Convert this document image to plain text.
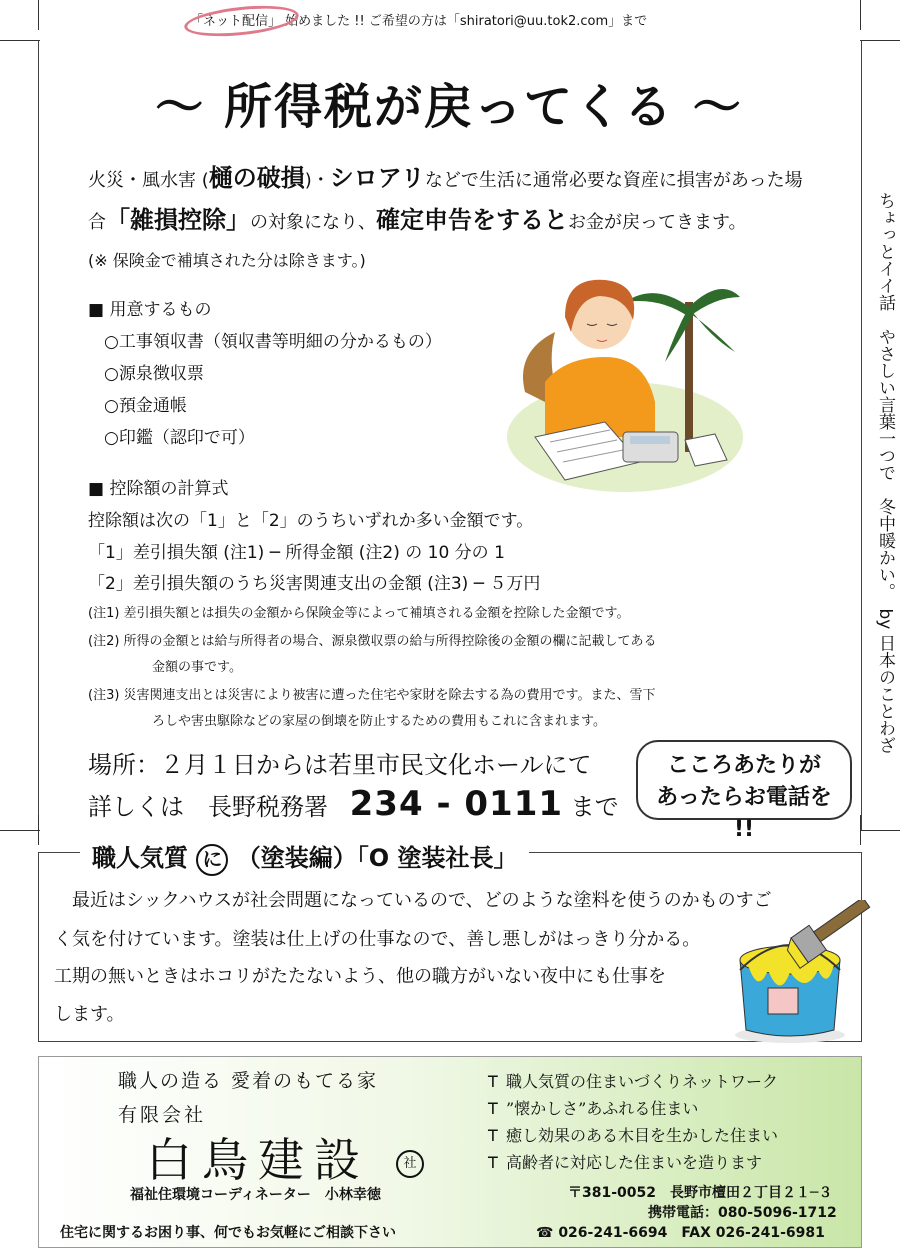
「ネット配信」 始めました !! ご希望の方は「shiratori@uu.tok2.com」まで
～ 所得税が戻ってくる ～
火災・風水害 (樋の破損)・シロアリなどで生活に通常必要な資産に損害があった場
合「雑損控除」の対象になり、確定申告をするとお金が戻ってきます。
(※ 保険金で補填された分は除きます。)
■ 用意するもの
○工事領収書（領収書等明細の分かるもの）
○源泉徴収票
○預金通帳
○印鑑（認印で可）
■ 控除額の計算式
控除額は次の「1」と「2」のうちいずれか多い金額です。
「1」差引損失額 (注1) ─ 所得金額 (注2) の 10 分の 1
「2」差引損失額のうち災害関連支出の金額 (注3) ─ ５万円
(注1) 差引損失額とは損失の金額から保険金等によって補填される金額を控除した金額です。
(注2) 所得の金額とは給与所得者の場合、源泉徴収票の給与所得控除後の金額の欄に記載してある
金額の事です。
(注3) 災害関連支出とは災害により被害に遭った住宅や家財を除去する為の費用です。また、雪下
ろしや害虫駆除などの家屋の倒壊を防止するための費用もこれに含まれます。
場所：２月１日からは若里市民文化ホールにて
詳しくは　長野税務署 234 - 0111 まで
こころあたりが
あったらお電話を !!
ちょっとイイ話　やさしい言葉一つで　冬中暖かい。　by 日本のことわざ
職人気質 に （塗装編）「O 塗装社長」
最近はシックハウスが社会問題になっているので、どのような塗料を使うのかものすご
く気を付けています。塗装は仕上げの仕事なので、善し悪しがはっきり分かる。
工期の無いときはホコリがたたないよう、他の職方がいない夜中にも仕事を
します。
職人の造る 愛着のもてる家
有限会社
白鳥建設	社
福祉住環境コーディネーター　小林幸徳
住宅に関するお困り事、何でもお気軽にご相談下さい
𝖳 職人気質の住まいづくりネットワーク
𝖳 ”懐かしさ”あふれる住まい
𝖳 癒し効果のある木目を生かした住まい
𝖳 高齢者に対応した住まいを造ります
〒381-0052　長野市檀田２丁目２１─３
携帯電話：080-5096-1712
☎ 026-241-6694　FAX 026-241-6981
